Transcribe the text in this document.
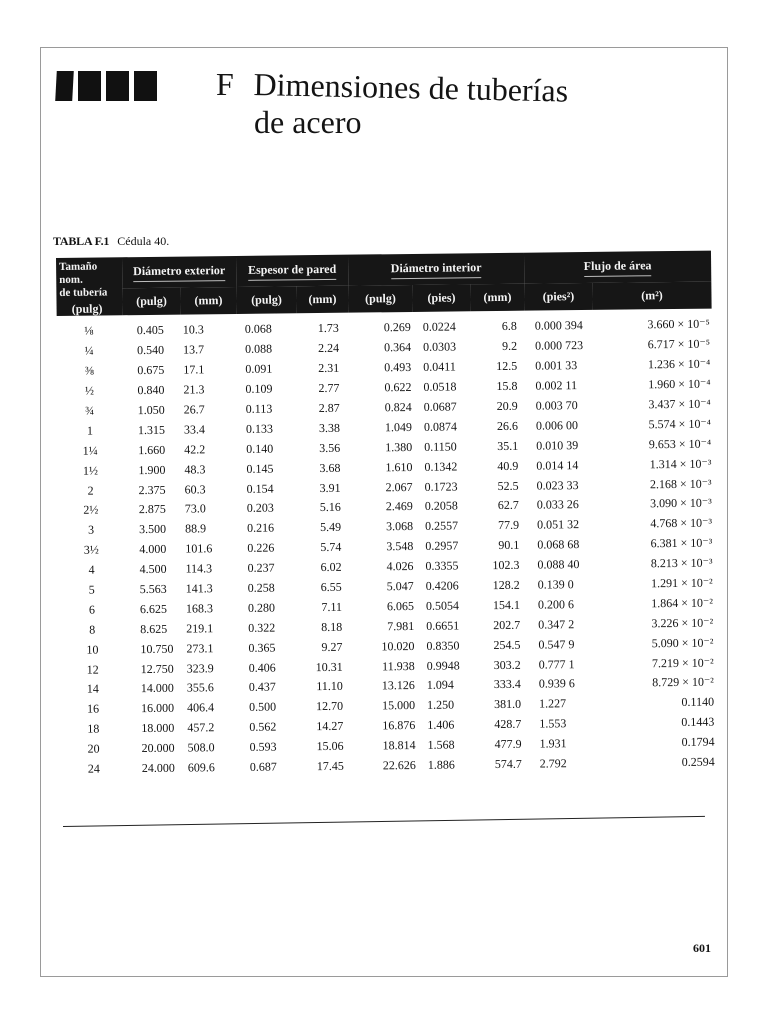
F Dimensiones de tuberías
de acero
TABLA F.1 Cédula 40.
Tamaño nom.
de tubería
(pulg)	Diámetro exterior		Espesor de pared		Diámetro interior			Flujo de área	
	(pulg)	(mm)	(pulg)	(mm)	(pulg)	(pies)	(mm)	(pies²)	(m²)
⅛	0.405	10.3	0.068	1.73	0.269	0.0224	6.8	0.000 394	3.660 × 10⁻⁵
¼	0.540	13.7	0.088	2.24	0.364	0.0303	9.2	0.000 723	6.717 × 10⁻⁵
⅜	0.675	17.1	0.091	2.31	0.493	0.0411	12.5	0.001 33	1.236 × 10⁻⁴
½	0.840	21.3	0.109	2.77	0.622	0.0518	15.8	0.002 11	1.960 × 10⁻⁴
¾	1.050	26.7	0.113	2.87	0.824	0.0687	20.9	0.003 70	3.437 × 10⁻⁴
1	1.315	33.4	0.133	3.38	1.049	0.0874	26.6	0.006 00	5.574 × 10⁻⁴
1¼	1.660	42.2	0.140	3.56	1.380	0.1150	35.1	0.010 39	9.653 × 10⁻⁴
1½	1.900	48.3	0.145	3.68	1.610	0.1342	40.9	0.014 14	1.314 × 10⁻³
2	2.375	60.3	0.154	3.91	2.067	0.1723	52.5	0.023 33	2.168 × 10⁻³
2½	2.875	73.0	0.203	5.16	2.469	0.2058	62.7	0.033 26	3.090 × 10⁻³
3	3.500	88.9	0.216	5.49	3.068	0.2557	77.9	0.051 32	4.768 × 10⁻³
3½	4.000	101.6	0.226	5.74	3.548	0.2957	90.1	0.068 68	6.381 × 10⁻³
4	4.500	114.3	0.237	6.02	4.026	0.3355	102.3	0.088 40	8.213 × 10⁻³
5	5.563	141.3	0.258	6.55	5.047	0.4206	128.2	0.139 0	1.291 × 10⁻²
6	6.625	168.3	0.280	7.11	6.065	0.5054	154.1	0.200 6	1.864 × 10⁻²
8	8.625	219.1	0.322	8.18	7.981	0.6651	202.7	0.347 2	3.226 × 10⁻²
10	10.750	273.1	0.365	9.27	10.020	0.8350	254.5	0.547 9	5.090 × 10⁻²
12	12.750	323.9	0.406	10.31	11.938	0.9948	303.2	0.777 1	7.219 × 10⁻²
14	14.000	355.6	0.437	11.10	13.126	1.094	333.4	0.939 6	8.729 × 10⁻²
16	16.000	406.4	0.500	12.70	15.000	1.250	381.0	1.227	0.1140
18	18.000	457.2	0.562	14.27	16.876	1.406	428.7	1.553	0.1443
20	20.000	508.0	0.593	15.06	18.814	1.568	477.9	1.931	0.1794
24	24.000	609.6	0.687	17.45	22.626	1.886	574.7	2.792	0.2594
601
